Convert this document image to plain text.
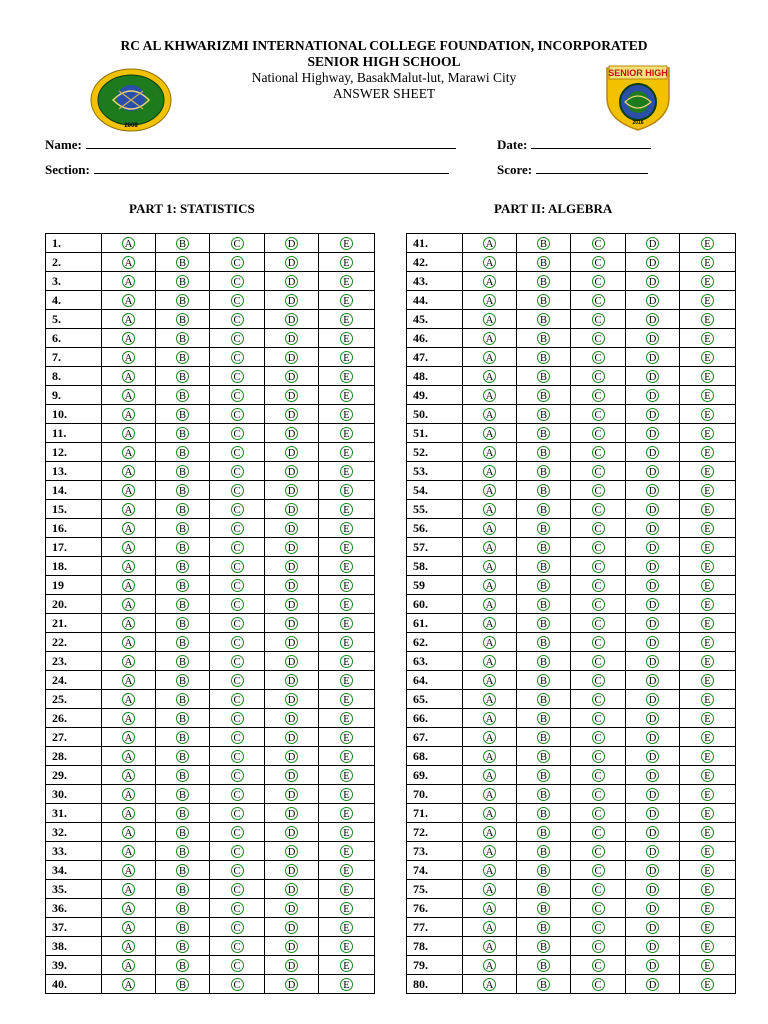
RC AL KHWARIZMI INTERNATIONAL COLLEGE FOUNDATION, INCORPORATED
SENIOR HIGH SCHOOL
National Highway, BasakMalut-lut, Marawi City
ANSWER SHEET
2008
SENIOR HIGH
2016
Name:	Date:
Section:	Score:
PART 1: STATISTICS	PART II: ALGEBRA
1.	A	B	C	D	E
2.	A	B	C	D	E
3.	A	B	C	D	E
4.	A	B	C	D	E
5.	A	B	C	D	E
6.	A	B	C	D	E
7.	A	B	C	D	E
8.	A	B	C	D	E
9.	A	B	C	D	E
10.	A	B	C	D	E
11.	A	B	C	D	E
12.	A	B	C	D	E
13.	A	B	C	D	E
14.	A	B	C	D	E
15.	A	B	C	D	E
16.	A	B	C	D	E
17.	A	B	C	D	E
18.	A	B	C	D	E
19	A	B	C	D	E
20.	A	B	C	D	E
21.	A	B	C	D	E
22.	A	B	C	D	E
23.	A	B	C	D	E
24.	A	B	C	D	E
25.	A	B	C	D	E
26.	A	B	C	D	E
27.	A	B	C	D	E
28.	A	B	C	D	E
29.	A	B	C	D	E
30.	A	B	C	D	E
31.	A	B	C	D	E
32.	A	B	C	D	E
33.	A	B	C	D	E
34.	A	B	C	D	E
35.	A	B	C	D	E
36.	A	B	C	D	E
37.	A	B	C	D	E
38.	A	B	C	D	E
39.	A	B	C	D	E
40.	A	B	C	D	E
41.	A	B	C	D	E
42.	A	B	C	D	E
43.	A	B	C	D	E
44.	A	B	C	D	E
45.	A	B	C	D	E
46.	A	B	C	D	E
47.	A	B	C	D	E
48.	A	B	C	D	E
49.	A	B	C	D	E
50.	A	B	C	D	E
51.	A	B	C	D	E
52.	A	B	C	D	E
53.	A	B	C	D	E
54.	A	B	C	D	E
55.	A	B	C	D	E
56.	A	B	C	D	E
57.	A	B	C	D	E
58.	A	B	C	D	E
59	A	B	C	D	E
60.	A	B	C	D	E
61.	A	B	C	D	E
62.	A	B	C	D	E
63.	A	B	C	D	E
64.	A	B	C	D	E
65.	A	B	C	D	E
66.	A	B	C	D	E
67.	A	B	C	D	E
68.	A	B	C	D	E
69.	A	B	C	D	E
70.	A	B	C	D	E
71.	A	B	C	D	E
72.	A	B	C	D	E
73.	A	B	C	D	E
74.	A	B	C	D	E
75.	A	B	C	D	E
76.	A	B	C	D	E
77.	A	B	C	D	E
78.	A	B	C	D	E
79.	A	B	C	D	E
80.	A	B	C	D	E
